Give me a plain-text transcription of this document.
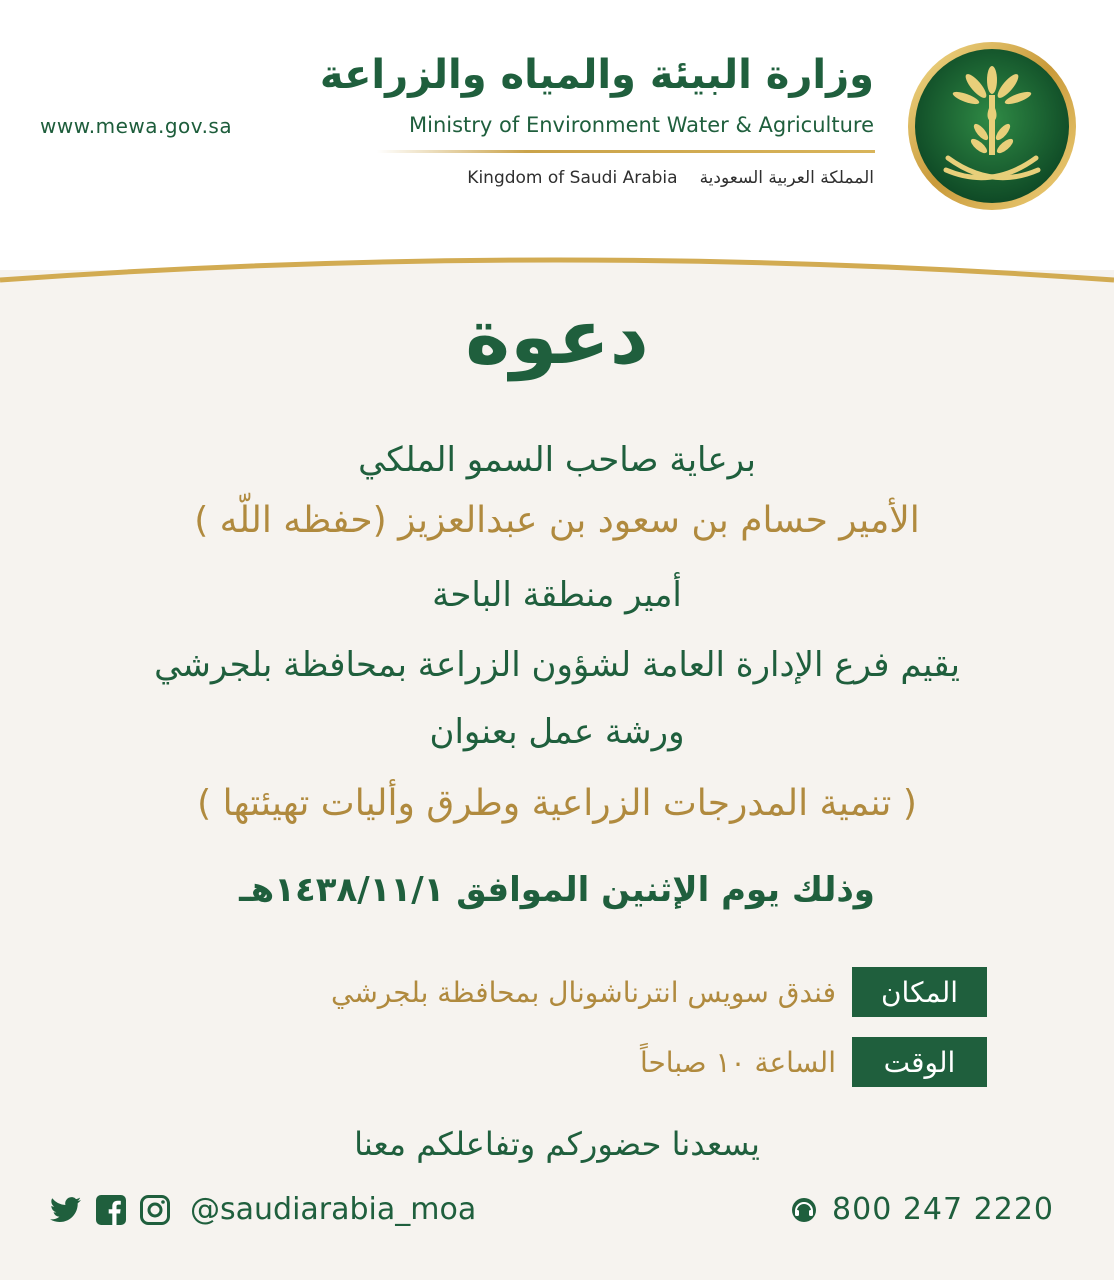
www.mewa.gov.sa
وزارة البيئة والمياه والزراعة
Ministry of Environment Water & Agriculture
Kingdom of Saudi Arabia المملكة العربية السعودية
دعوة
برعاية صاحب السمو الملكي
الأمير حسام بن سعود بن عبدالعزيز (حفظه اللّه )
أمير منطقة الباحة
يقيم فرع الإدارة العامة لشؤون الزراعة بمحافظة بلجرشي
ورشة عمل بعنوان
( تنمية المدرجات الزراعية وطرق وأليات تهيئتها )
وذلك يوم الإثنين الموافق ١٤٣٨/١١/١هـ
المكان
فندق سويس انترناشونال بمحافظة بلجرشي
الوقت
الساعة ١٠ صباحاً
يسعدنا حضوركم وتفاعلكم معنا
@saudiarabia_moa	800 247 2220
